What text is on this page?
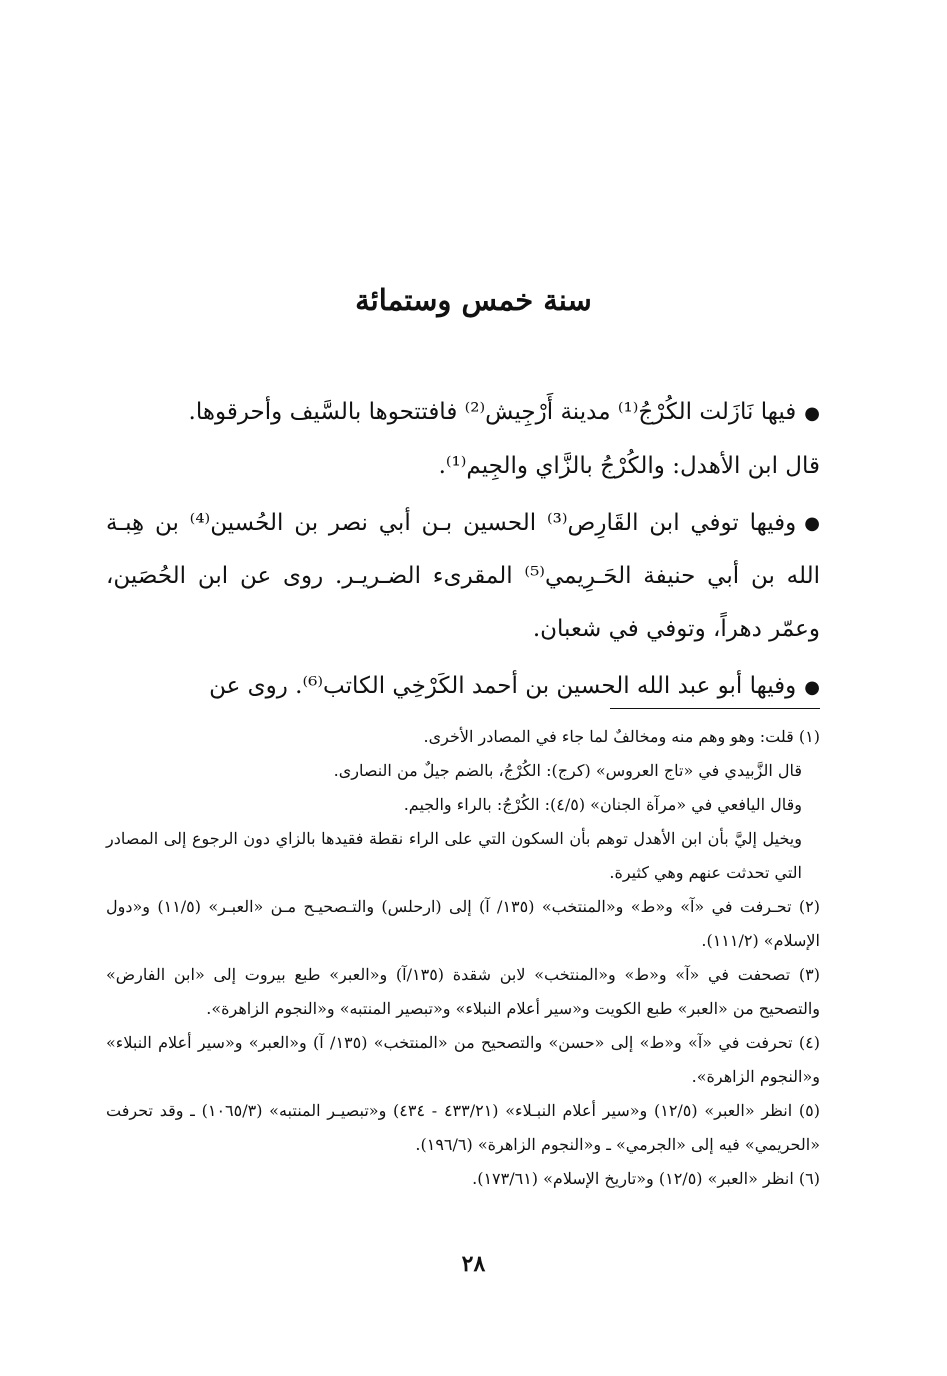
سنة خمس وستمائة

●فيها نَازَلت الكُرْجُ⁽¹⁾ مدينة أَرْجِيش⁽²⁾ فافتتحوها بالسَّيف وأحرقوها.
قال ابن الأهدل: والكُرْجُ بالزَّاي والجِيم⁽¹⁾.

●وفيها توفي ابن القَارِص⁽³⁾ الحسين بـن أبي نصر بن الحُسين⁽⁴⁾ بن هِبـة الله بن أبي حنيفة الحَـرِيمي⁽⁵⁾ المقرىء الضـريـر. روى عن ابن الحُصَين، وعمّر دهراً، وتوفي في شعبان.

●وفيها أبو عبد الله الحسين بن أحمد الكَرْخِي الكاتب⁽⁶⁾. روى عن

(١) قلت: وهو وهم منه ومخالفٌ لما جاء في المصادر الأخرى.

قال الزَّبيدي في «تاج العروس» (كرج): الكُرْجُ، بالضم جيلٌ من النصارى.

وقال اليافعي في «مرآة الجنان» (٤/٥): الكُرْجُ: بالراء والجيم.

ويخيل إليَّ بأن ابن الأهدل توهم بأن السكون التي على الراء نقطة فقيدها بالزاي دون الرجوع إلى المصادر التي تحدثت عنهم وهي كثيرة.

(٢) تحـرفت في «آ» و«ط» و«المنتخب» (١٣٥/ آ) إلى (ارحلس) والتـصحيـح مـن «العبـر» (١١/٥) و«دول الإسلام» (١١١/٢).

(٣) تصحفت في «آ» و«ط» و«المنتخب» لابن شقدة (١٣٥/آ) و«العبر» طبع بيروت إلى «ابن الفارض» والتصحيح من «العبر» طبع الكويت و«سير أعلام النبلاء» و«تبصير المنتبه» و«النجوم الزاهرة».

(٤) تحرفت في «آ» و«ط» إلى «حسن» والتصحيح من «المنتخب» (١٣٥/ آ) و«العبر» و«سير أعلام النبلاء» و«النجوم الزاهرة».

(٥) انظر «العبر» (١٢/٥) و«سير أعلام النبـلاء» (٤٣٣/٢١ - ٤٣٤) و«تبصيـر المنتبه» (١٠٦٥/٣) ـ وقد تحرفت «الحريمي» فيه إلى «الجرمي» ـ و«النجوم الزاهرة» (١٩٦/٦).

(٦) انظر «العبر» (١٢/٥) و«تاريخ الإسلام» (١٧٣/٦١).

٢٨
